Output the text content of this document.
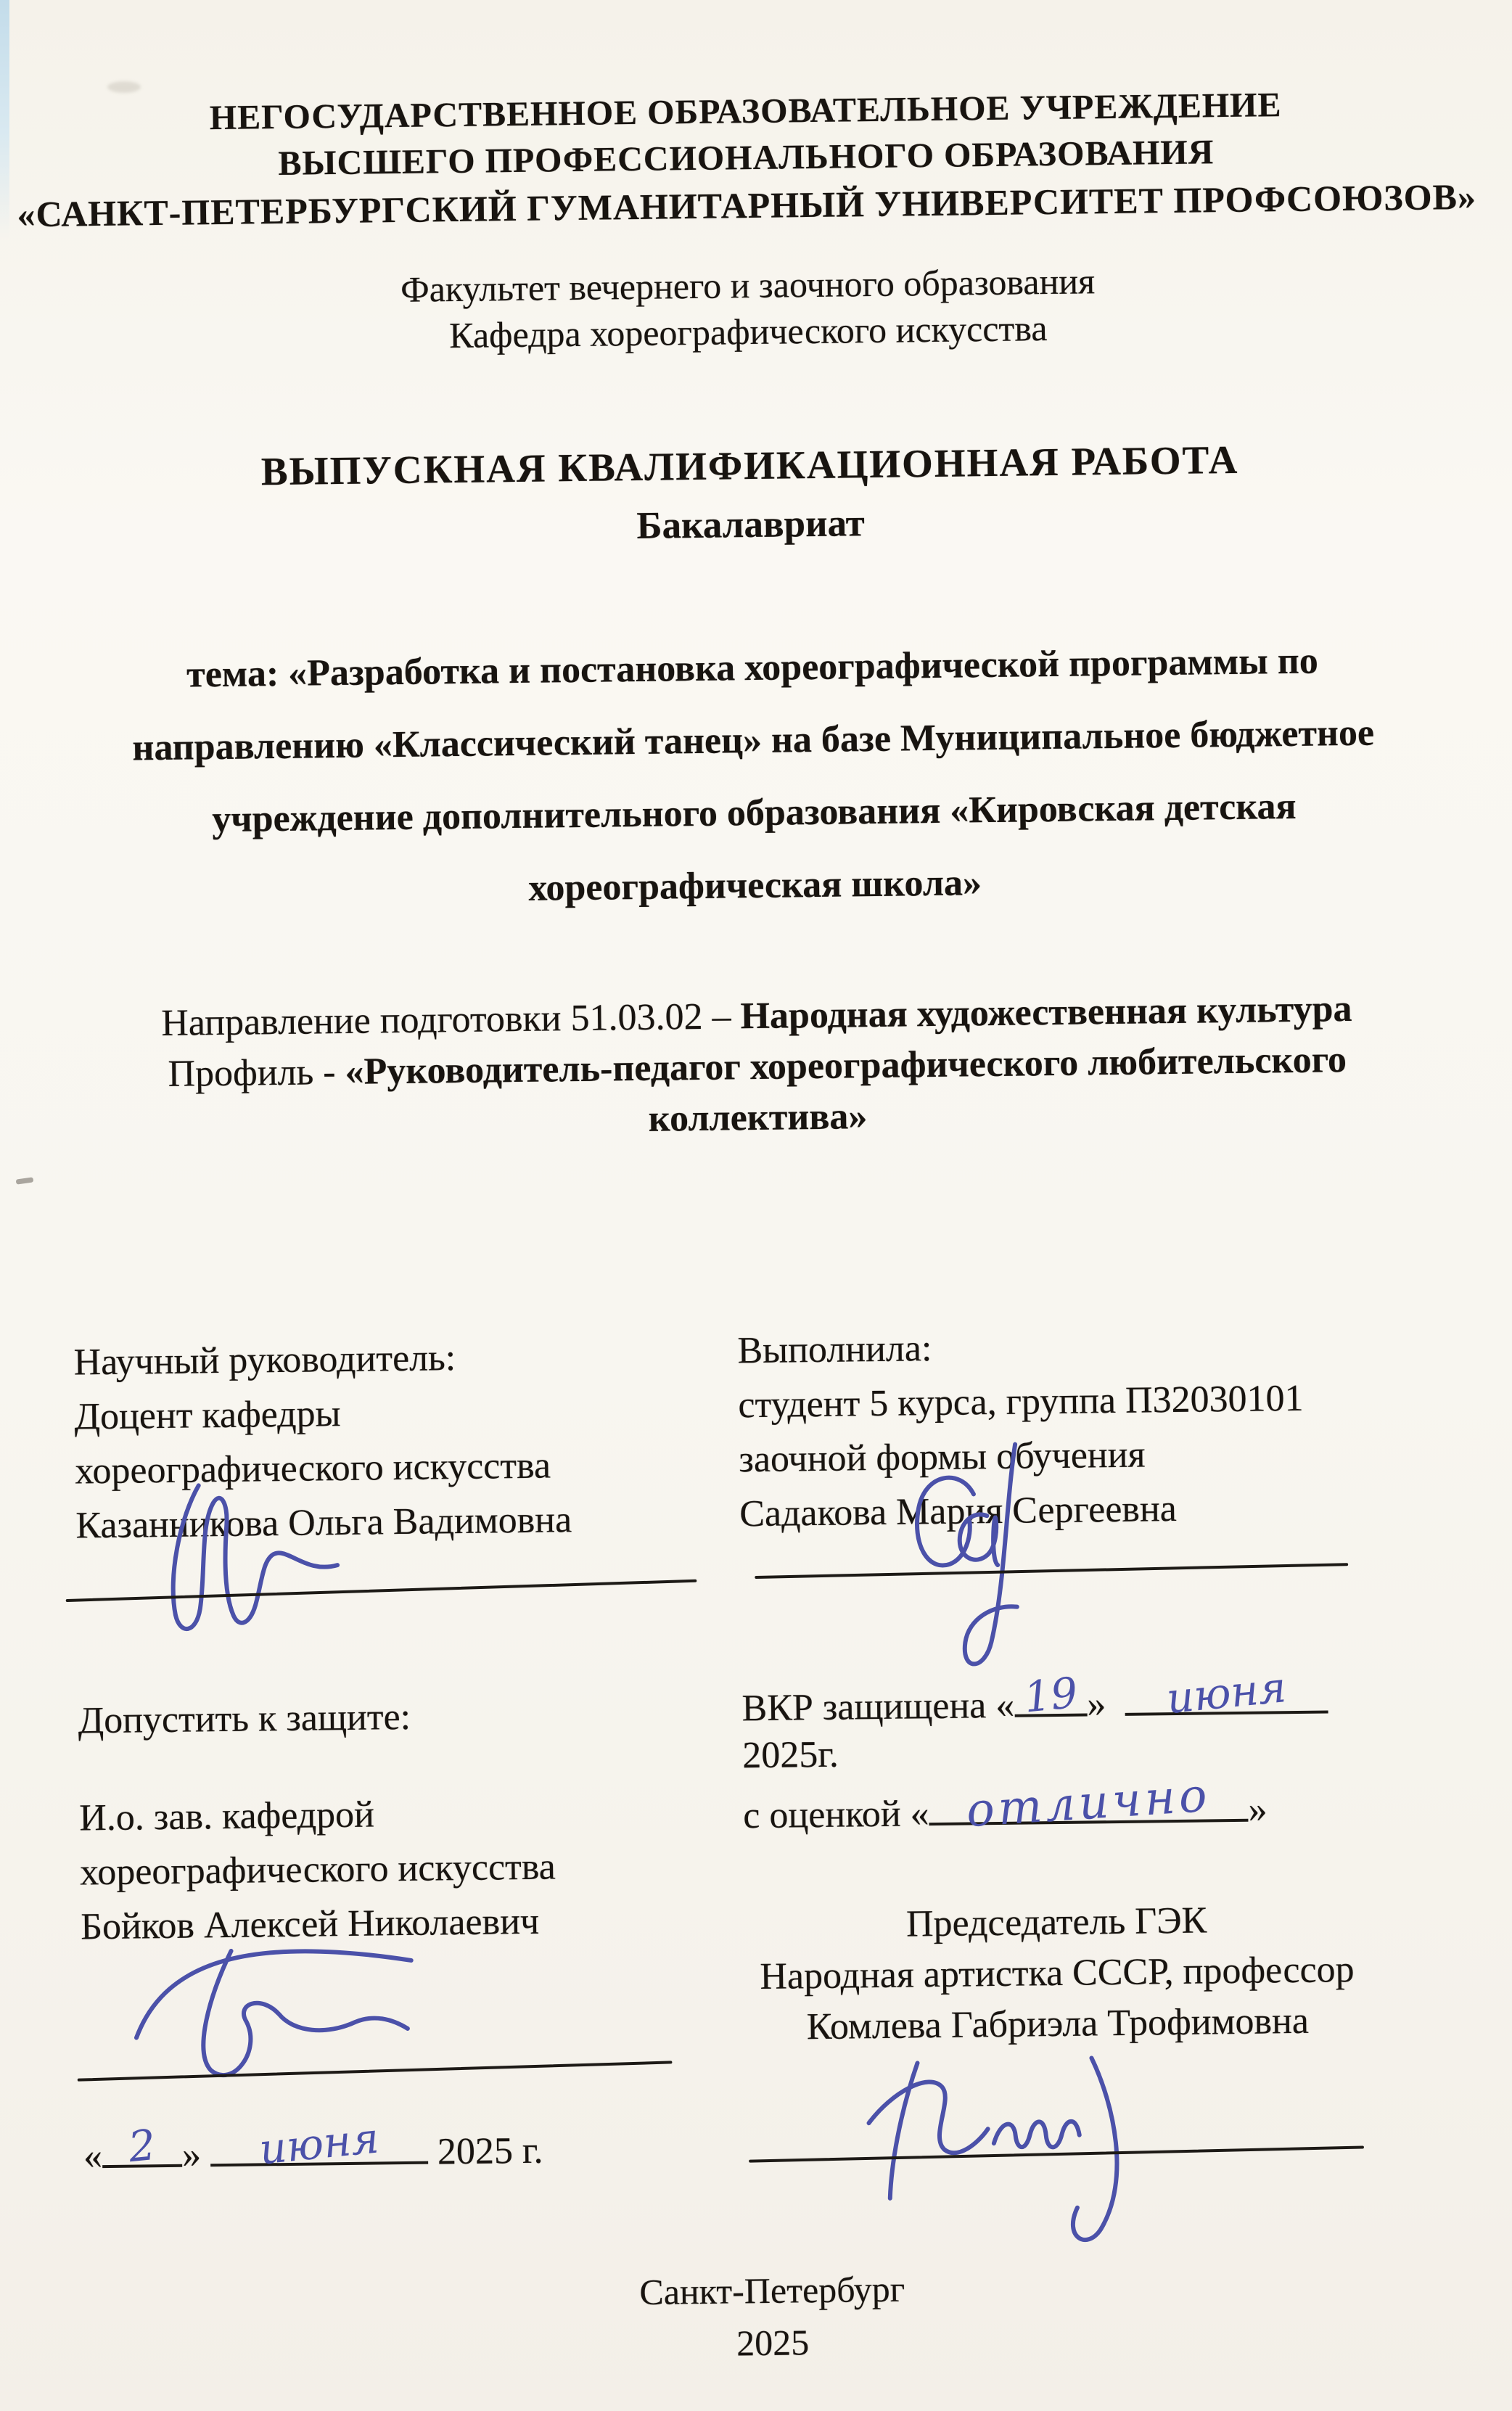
НЕГОСУДАРСТВЕННОЕ ОБРАЗОВАТЕЛЬНОЕ УЧРЕЖДЕНИЕ
ВЫСШЕГО ПРОФЕССИОНАЛЬНОГО ОБРАЗОВАНИЯ
«САНКТ-ПЕТЕРБУРГСКИЙ ГУМАНИТАРНЫЙ УНИВЕРСИТЕТ ПРОФСОЮЗОВ»
Факультет вечернего и заочного образования
Кафедра хореографического искусства
ВЫПУСКНАЯ КВАЛИФИКАЦИОННАЯ РАБОТА
Бакалавриат
тема: «Разработка и постановка хореографической программы по
направлению «Классический танец» на базе Муниципальное бюджетное
учреждение дополнительного образования «Кировская детская
хореографическая школа»
Направление подготовки 51.03.02 – Народная художественная культура
Профиль - «Руководитель-педагог хореографического любительского
коллектива»
Научный руководитель:
Доцент кафедры
хореографического искусства
Казанникова Ольга Вадимовна
Выполнила:
студент 5 курса, группа П32030101
заочной формы обучения
Садакова Мария Сергеевна
Допустить к защите:
И.о. зав. кафедрой
хореографического искусства
Бойков Алексей Николаевич
ВКР защищена « 19 » июня
2025г.
с оценкой « отлично »
Председатель ГЭК
Народная артистка СССР, профессор
Комлева Габриэла Трофимовна
« 2 » июня 2025 г.
Санкт-Петербург
2025
